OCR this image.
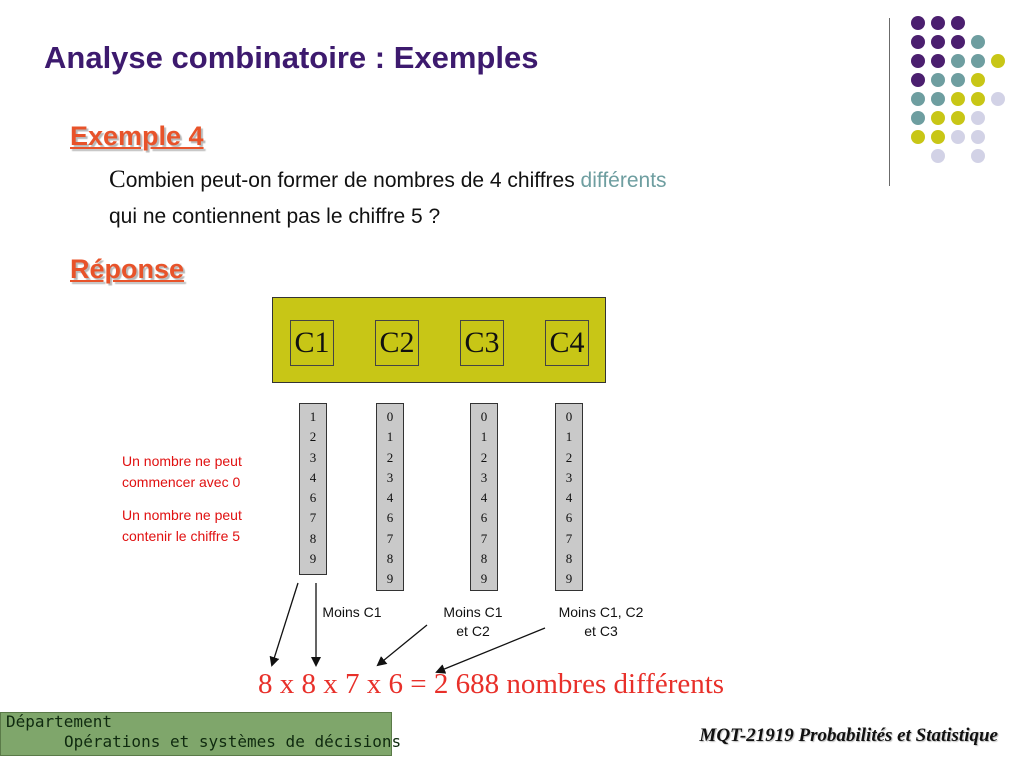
Analyse combinatoire : Exemples
Exemple 4
Combien peut-on former de nombres de 4 chiffres différents
qui ne contiennent pas le chiffre 5 ?
Réponse
C1 C2 C3 C4
1
2
3
4
6
7
8
9
0
1
2
3
4
6
7
8
9
0
1
2
3
4
6
7
8
9
0
1
2
3
4
6
7
8
9
Un nombre ne peut
commencer avec 0
Un nombre ne peut
contenir le chiffre 5
Moins C1	Moins C1
et C2
Moins C1, C2
et C3
8 x 8 x 7 x 6 = 2 688 nombres différents
Département
Opérations et systèmes de décisions	MQT-21919 Probabilités et Statistique
